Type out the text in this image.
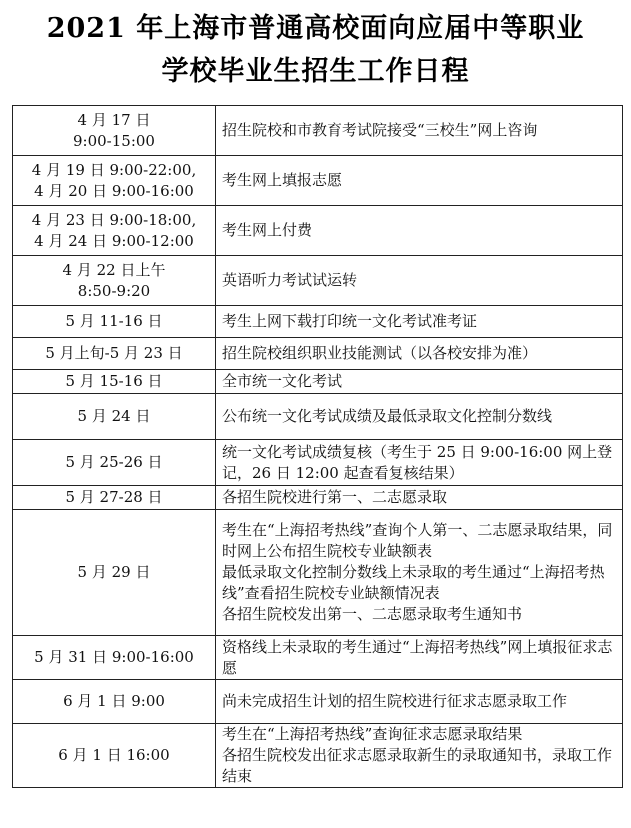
2021 年上海市普通高校面向应届中等职业
学校毕业生招生工作日程
4 月 17 日
9:00-15:00	招生院校和市教育考试院接受“三校生”网上咨询

4 月 19 日 9:00-22:00,
4 月 20 日 9:00-16:00	考生网上填报志愿

4 月 23 日 9:00-18:00,
4 月 24 日 9:00-12:00	考生网上付费

4 月 22 日上午
8:50-9:20	英语听力考试试运转

5 月 11-16 日	考生上网下载打印统一文化考试准考证

5 月上旬-5 月 23 日	招生院校组织职业技能测试（以各校安排为准）

5 月 15-16 日	全市统一文化考试

5 月 24 日	公布统一文化考试成绩及最低录取文化控制分数线

5 月 25-26 日	统一文化考试成绩复核（考生于 25 日 9:00-16:00 网上登记，26 日 12:00 起查看复核结果）

5 月 27-28 日	各招生院校进行第一、二志愿录取

5 月 29 日	考生在“上海招考热线”查询个人第一、二志愿录取结果，同时网上公布招生院校专业缺额表
最低录取文化控制分数线上未录取的考生通过“上海招考热线”查看招生院校专业缺额情况表
各招生院校发出第一、二志愿录取考生通知书

5 月 31 日 9:00-16:00	资格线上未录取的考生通过“上海招考热线”网上填报征求志愿

6 月 1 日 9:00	尚未完成招生计划的招生院校进行征求志愿录取工作

6 月 1 日 16:00	考生在“上海招考热线”查询征求志愿录取结果
各招生院校发出征求志愿录取新生的录取通知书，录取工作结束
